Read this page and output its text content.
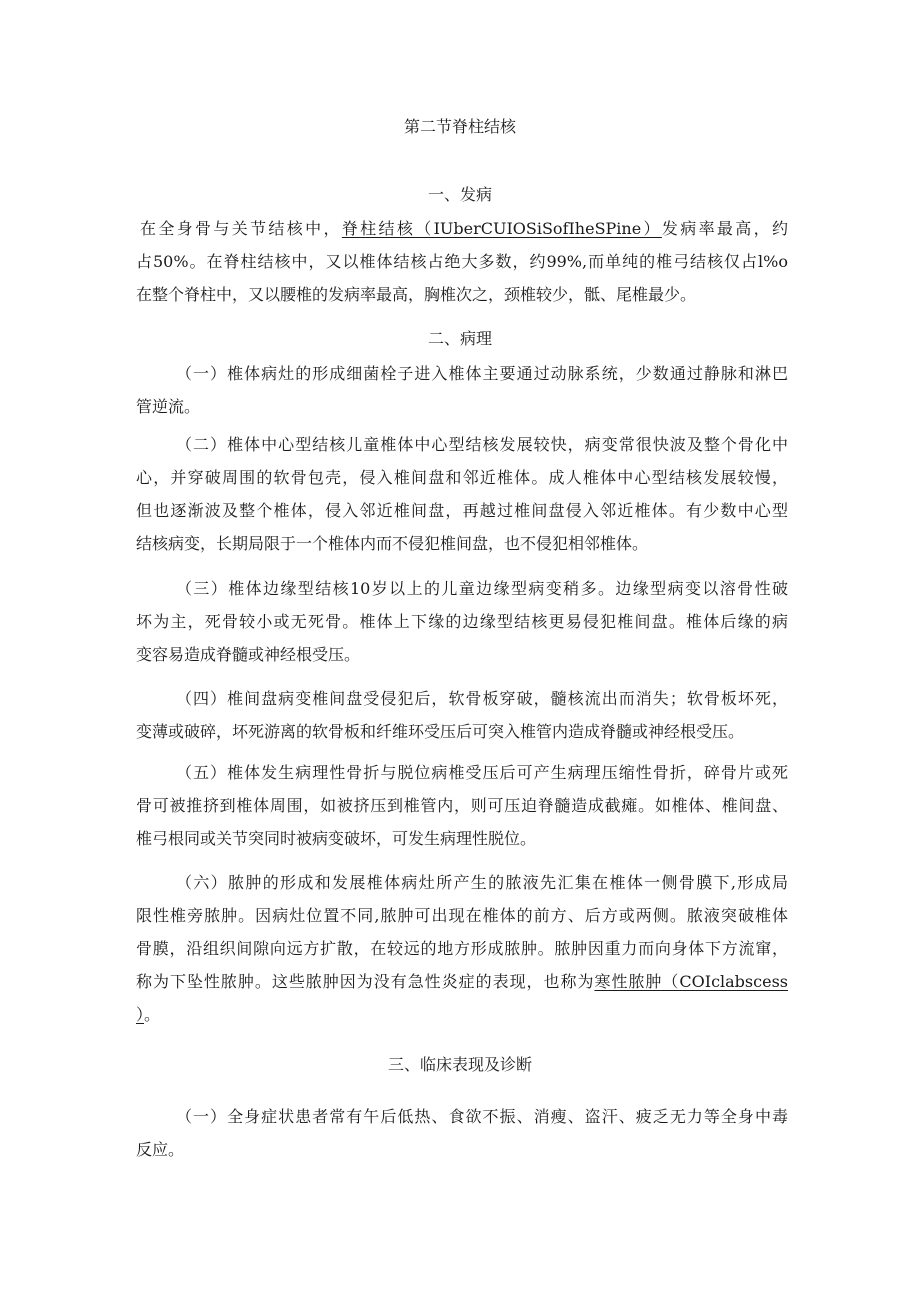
第二节脊柱结核
一、发病
在全身骨与关节结核中，脊柱结核（IUberCUIOSiSofIheSPine）发病率最高，约
占50%。在脊柱结核中，又以椎体结核占绝大多数，约99%,而单纯的椎弓结核仅占l%o
在整个脊柱中，又以腰椎的发病率最高，胸椎次之，颈椎较少，骶、尾椎最少。
二、病理
（一）椎体病灶的形成细菌栓子进入椎体主要通过动脉系统，少数通过静脉和淋巴
管逆流。
（二）椎体中心型结核儿童椎体中心型结核发展较快，病变常很快波及整个骨化中
心，并穿破周围的软骨包壳，侵入椎间盘和邻近椎体。成人椎体中心型结核发展较慢，
但也逐渐波及整个椎体，侵入邻近椎间盘，再越过椎间盘侵入邻近椎体。有少数中心型
结核病变，长期局限于一个椎体内而不侵犯椎间盘，也不侵犯相邻椎体。
（三）椎体边缘型结核10岁以上的儿童边缘型病变稍多。边缘型病变以溶骨性破
坏为主，死骨较小或无死骨。椎体上下缘的边缘型结核更易侵犯椎间盘。椎体后缘的病
变容易造成脊髓或神经根受压。
（四）椎间盘病变椎间盘受侵犯后，软骨板穿破，髓核流出而消失；软骨板坏死，
变薄或破碎，坏死游离的软骨板和纤维环受压后可突入椎管内造成脊髓或神经根受压。
（五）椎体发生病理性骨折与脱位病椎受压后可产生病理压缩性骨折，碎骨片或死
骨可被推挤到椎体周围，如被挤压到椎管内，则可压迫脊髓造成截瘫。如椎体、椎间盘、
椎弓根同或关节突同时被病变破坏，可发生病理性脱位。
（六）脓肿的形成和发展椎体病灶所产生的脓液先汇集在椎体一侧骨膜下,形成局
限性椎旁脓肿。因病灶位置不同,脓肿可出现在椎体的前方、后方或两侧。脓液突破椎体
骨膜，沿组织间隙向远方扩散，在较远的地方形成脓肿。脓肿因重力而向身体下方流窜，
称为下坠性脓肿。这些脓肿因为没有急性炎症的表现，也称为寒性脓肿（COIclabscess
）。
三、临床表现及诊断
（一）全身症状患者常有午后低热、食欲不振、消瘦、盗汗、疲乏无力等全身中毒
反应。
